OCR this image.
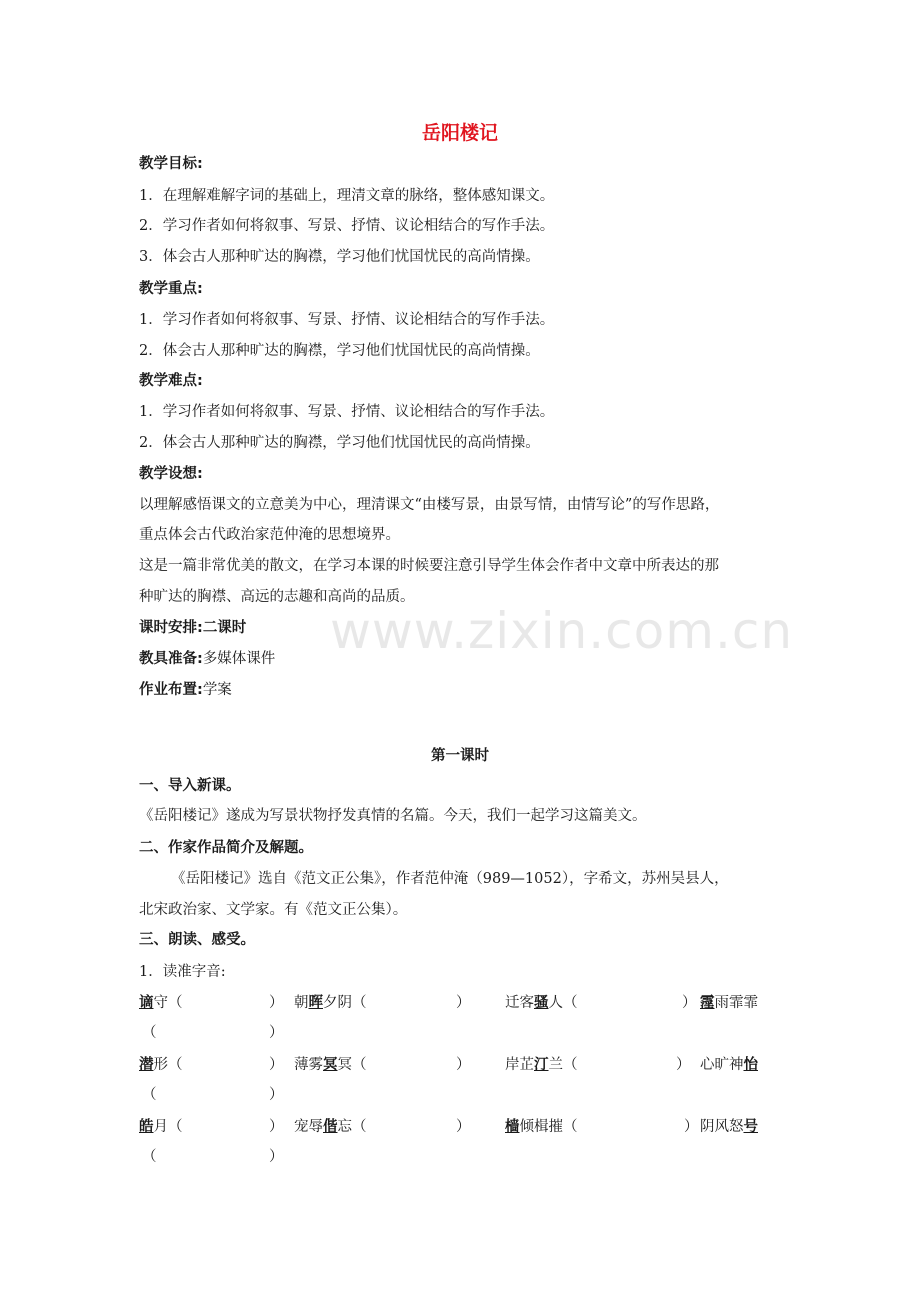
岳阳楼记
教学目标:
1．在理解难解字词的基础上，理清文章的脉络，整体感知课文。
2．学习作者如何将叙事、写景、抒情、议论相结合的写作手法。
3．体会古人那种旷达的胸襟，学习他们忧国忧民的高尚情操。
教学重点:
1．学习作者如何将叙事、写景、抒情、议论相结合的写作手法。
2．体会古人那种旷达的胸襟，学习他们忧国忧民的高尚情操。
教学难点:
1．学习作者如何将叙事、写景、抒情、议论相结合的写作手法。
2．体会古人那种旷达的胸襟，学习他们忧国忧民的高尚情操。
教学设想:
以理解感悟课文的立意美为中心，理清课文“由楼写景，由景写情，由情写论”的写作思路，
重点体会古代政治家范仲淹的思想境界。
这是一篇非常优美的散文，在学习本课的时候要注意引导学生体会作者中文章中所表达的那
种旷达的胸襟、高远的志趣和高尚的品质。
www.zixin.com.cn
课时安排:二课时
教具准备:多媒体课件
作业布置:学案
第一课时
一、导入新课。
《岳阳楼记》遂成为写景状物抒发真情的名篇。今天，我们一起学习这篇美文。
二、作家作品简介及解题。
《岳阳楼记》选自《范文正公集》，作者范仲淹（989—1052），字希文，苏州吴县人，
北宋政治家、文学家。有《范文正公集）。
三、朗读、感受。
1．读准字音:
谪守（	） 朝晖夕阴（	） 迁客骚人（	） 霪雨霏霏
（	）
潜形（	） 薄雾冥冥（	） 岸芷汀兰（	） 心旷神怡
（	）
皓月（	） 宠辱偕忘（	） 樯倾楫摧（	） 阴风怒号
（	）
